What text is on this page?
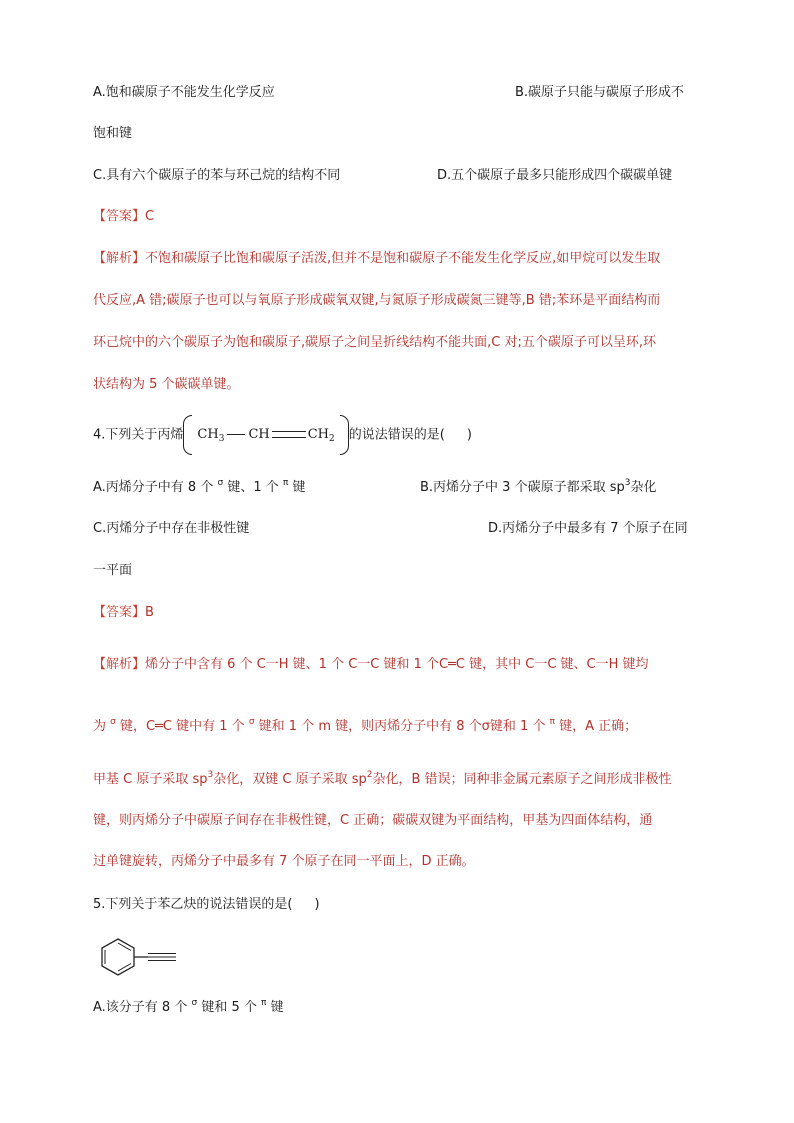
A.饱和碳原子不能发生化学反应	B.碳原子只能与碳原子形成不
饱和键
C.具有六个碳原子的苯与环己烷的结构不同	D.五个碳原子最多只能形成四个碳碳单键
【答案】C
【解析】不饱和碳原子比饱和碳原子活泼,但并不是饱和碳原子不能发生化学反应,如甲烷可以发生取
代反应,A 错;碳原子也可以与氧原子形成碳氧双键,与氮原子形成碳氮三键等,B 错;苯环是平面结构而
环己烷中的六个碳原子为饱和碳原子,碳原子之间呈折线结构不能共面,C 对;五个碳原子可以呈环,环
状结构为 5 个碳碳单键。
4.下列关于丙烯 $CH_3$ CH	$CH_2$ 的说法错误的是( )
A.丙烯分子中有 8 个 $^\sigma$ 键、1 个 $^\pi$ 键	B.丙烯分子中 3 个碳原子都采取 $sp^3$杂化
C.丙烯分子中存在非极性键	D.丙烯分子中最多有 7 个原子在同
一平面
【答案】B
【解析】烯分子中含有 6 个 C一H 键、1 个 C一C 键和 1 个C═C 键，其中 C一C 键、C一H 键均
为 $^\sigma$ 键，C═C 键中有 1 个 $^\sigma$ 键和 1 个 m 键，则丙烯分子中有 8 个σ键和 1 个 $^\pi$ 键，A 正确；
甲基 C 原子采取 $sp^3$杂化，双键 C 原子采取 $sp^2$杂化，B 错误；同种非金属元素原子之间形成非极性
键，则丙烯分子中碳原子间存在非极性键，C 正确；碳碳双键为平面结构，甲基为四面体结构，通
过单键旋转，丙烯分子中最多有 7 个原子在同一平面上，D 正确。
5.下列关于苯乙炔的说法错误的是( )
A.该分子有 8 个 $^\sigma$ 键和 5 个 $^\pi$ 键
